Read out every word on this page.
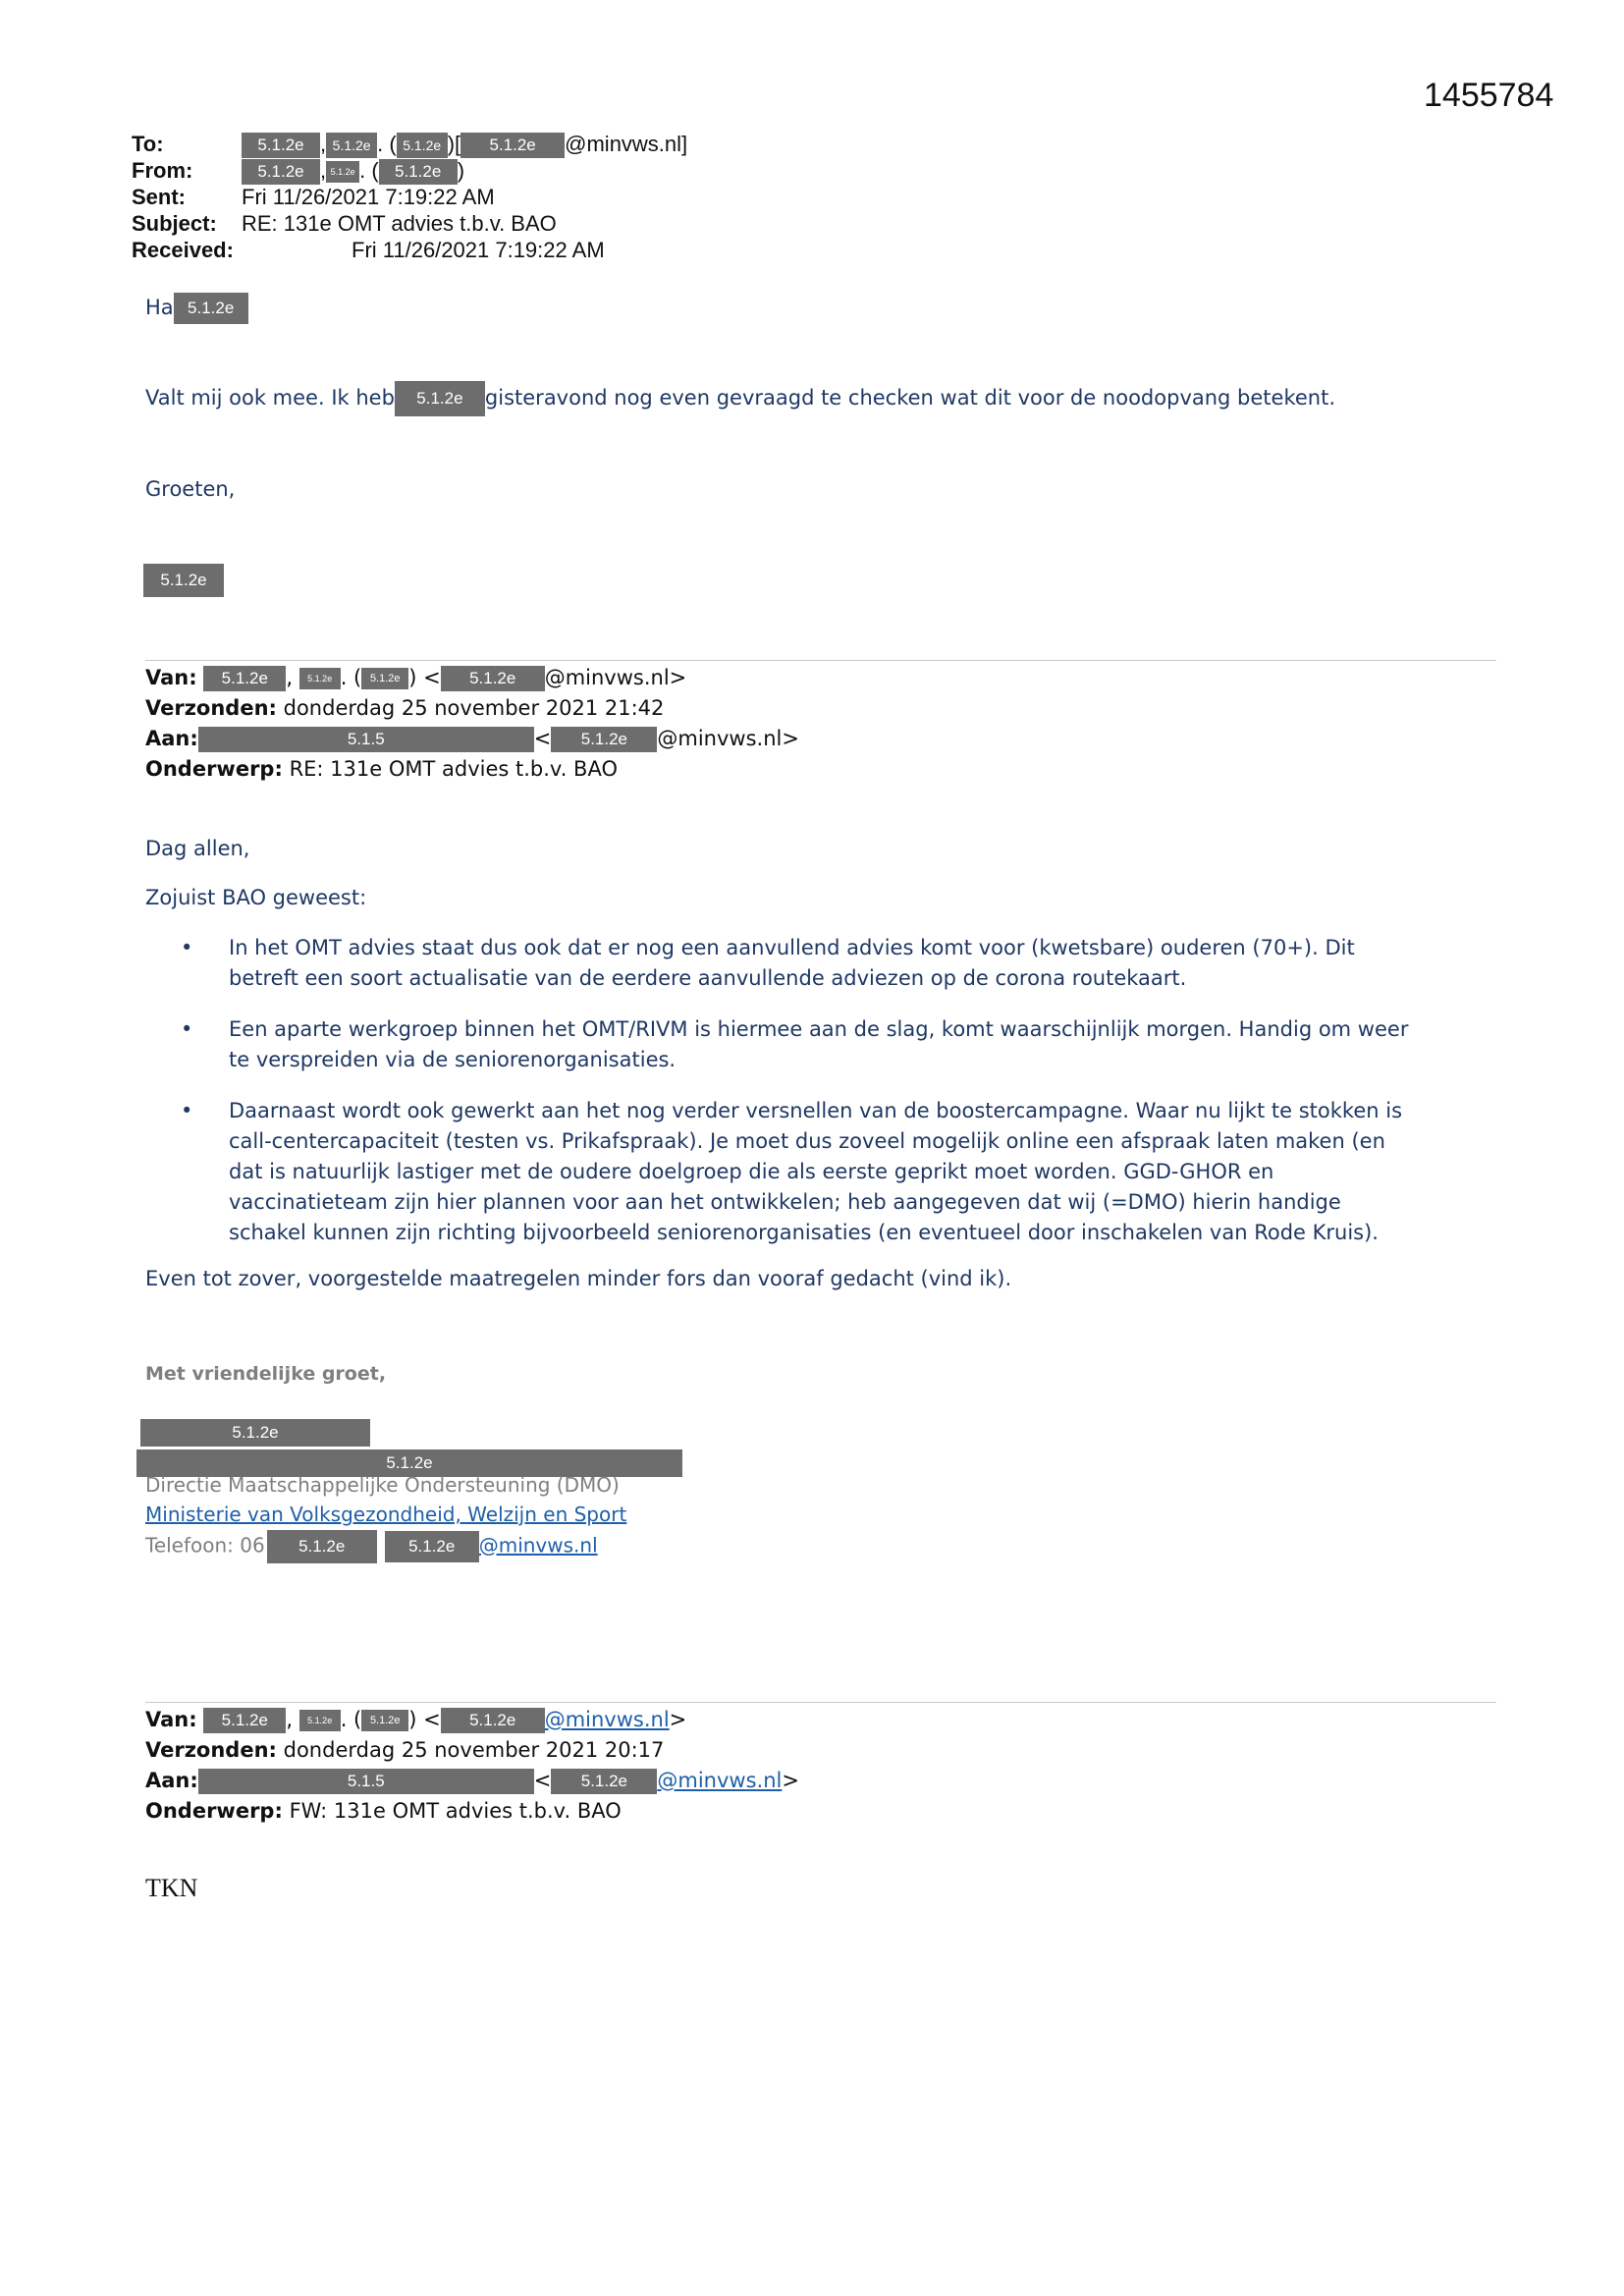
1455784
To:	5.1.2e , 5.1.2e . ( 5.1.2e )[ 5.1.2e @minvws.nl]
From:	5.1.2e , 5.1.2e . ( 5.1.2e )
Sent:	Fri 11/26/2021 7:19:22 AM
Subject: RE: 131e OMT advies t.b.v. BAO
Received:	Fri 11/26/2021 7:19:22 AM
Ha 5.1.2e
Valt mij ook mee. Ik heb 5.1.2e gisteravond nog even gevraagd te checken wat dit voor de noodopvang betekent.
Groeten,
5.1.2e
Van: 5.1.2e , 5.1.2e . ( 5.1.2e ) < 5.1.2e @minvws.nl>
Verzonden: donderdag 25 november 2021 21:42
Aan:	5.1.5	< 5.1.2e @minvws.nl>
Onderwerp: RE: 131e OMT advies t.b.v. BAO
Dag allen,
Zojuist BAO geweest:
• In het OMT advies staat dus ook dat er nog een aanvullend advies komt voor (kwetsbare) ouderen (70+). Dit betreft een soort actualisatie van de eerdere aanvullende adviezen op de corona routekaart.
• Een aparte werkgroep binnen het OMT/RIVM is hiermee aan de slag, komt waarschijnlijk morgen. Handig om weer te verspreiden via de seniorenorganisaties.
• Daarnaast wordt ook gewerkt aan het nog verder versnellen van de boostercampagne. Waar nu lijkt te stokken is call-centercapaciteit (testen vs. Prikafspraak). Je moet dus zoveel mogelijk online een afspraak laten maken (en dat is natuurlijk lastiger met de oudere doelgroep die als eerste geprikt moet worden. GGD-GHOR en vaccinatieteam zijn hier plannen voor aan het ontwikkelen; heb aangegeven dat wij (=DMO) hierin handige schakel kunnen zijn richting bijvoorbeeld seniorenorganisaties (en eventueel door inschakelen van Rode Kruis).
Even tot zover, voorgestelde maatregelen minder fors dan vooraf gedacht (vind ik).
Met vriendelijke groet,
5.1.2e
5.1.2e
Directie Maatschappelijke Ondersteuning (DMO)
Ministerie van Volksgezondheid, Welzijn en Sport
Telefoon: 06 5.1.2e	5.1.2e @minvws.nl
Van: 5.1.2e , 5.1.2e . ( 5.1.2e ) < 5.1.2e @minvws.nl>
Verzonden: donderdag 25 november 2021 20:17
Aan:	5.1.5	< 5.1.2e @minvws.nl>
Onderwerp: FW: 131e OMT advies t.b.v. BAO
TKN
